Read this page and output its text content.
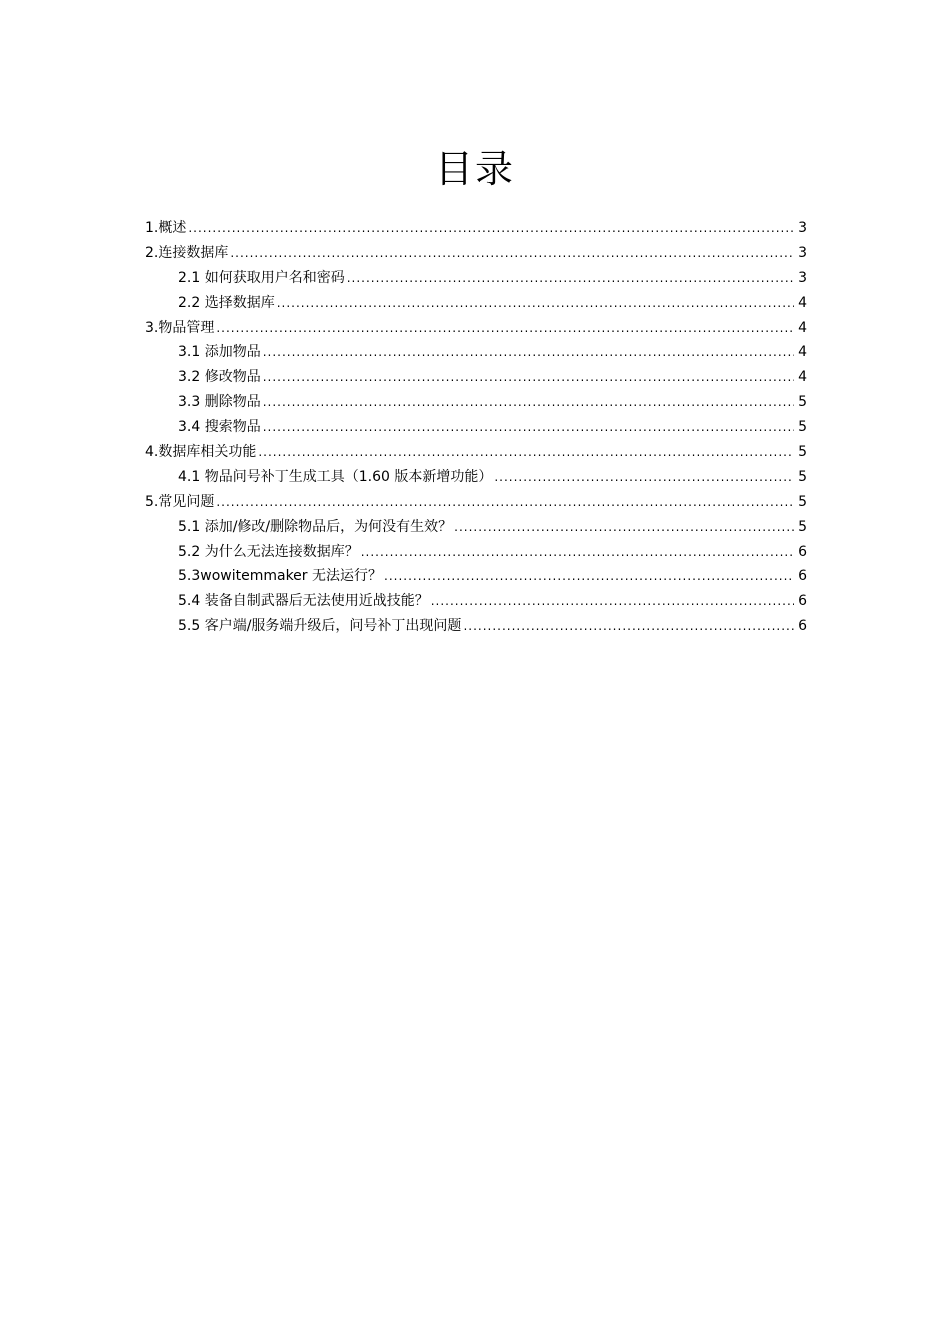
目录
1.概述 .....	3
2.连接数据库 .....	3
2.1 如何获取用户名和密码 .....	3
2.2 选择数据库 .....	4
3.物品管理 .....	4
3.1 添加物品 .....	4
3.2 修改物品 .....	4
3.3 删除物品 .....	5
3.4 搜索物品 .....	5
4.数据库相关功能 .....	5
4.1 物品问号补丁生成工具（1.60 版本新增功能） .....	5
5.常见问题 .....	5
5.1 添加/修改/删除物品后，为何没有生效？ .....	5
5.2 为什么无法连接数据库？ .....	6
5.3wowitemmaker 无法运行？ .....	6
5.4 装备自制武器后无法使用近战技能？ .....	6
5.5 客户端/服务端升级后，问号补丁出现问题 .....	6
